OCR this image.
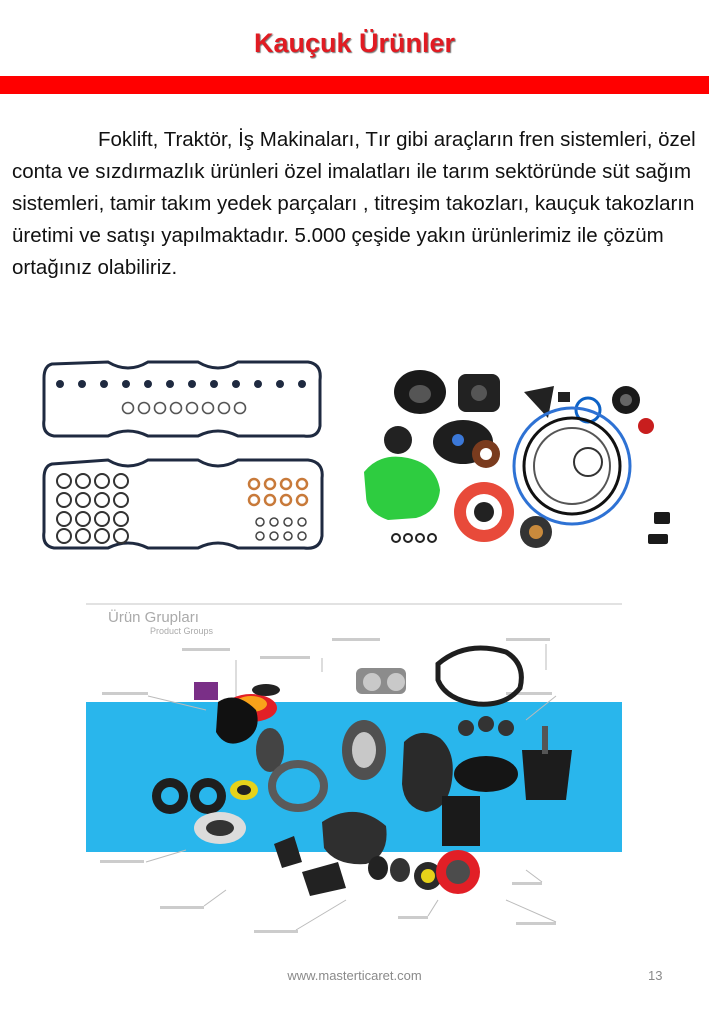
Kauçuk Ürünler

Foklift, Traktör, İş Makinaları, Tır gibi araçların fren sistemleri, özel conta ve sızdırmazlık ürünleri özel imalatları ile tarım sektöründe süt sağım sistemleri, tamir takım yedek parçaları , titreşim takozları, kauçuk takozların üretimi ve satışı yapılmaktadır. 5.000 çeşide yakın ürünlerimiz ile çözüm ortağınız olabiliriz.

Ürün Grupları
Product Groups
www.masterticaret.com	13
